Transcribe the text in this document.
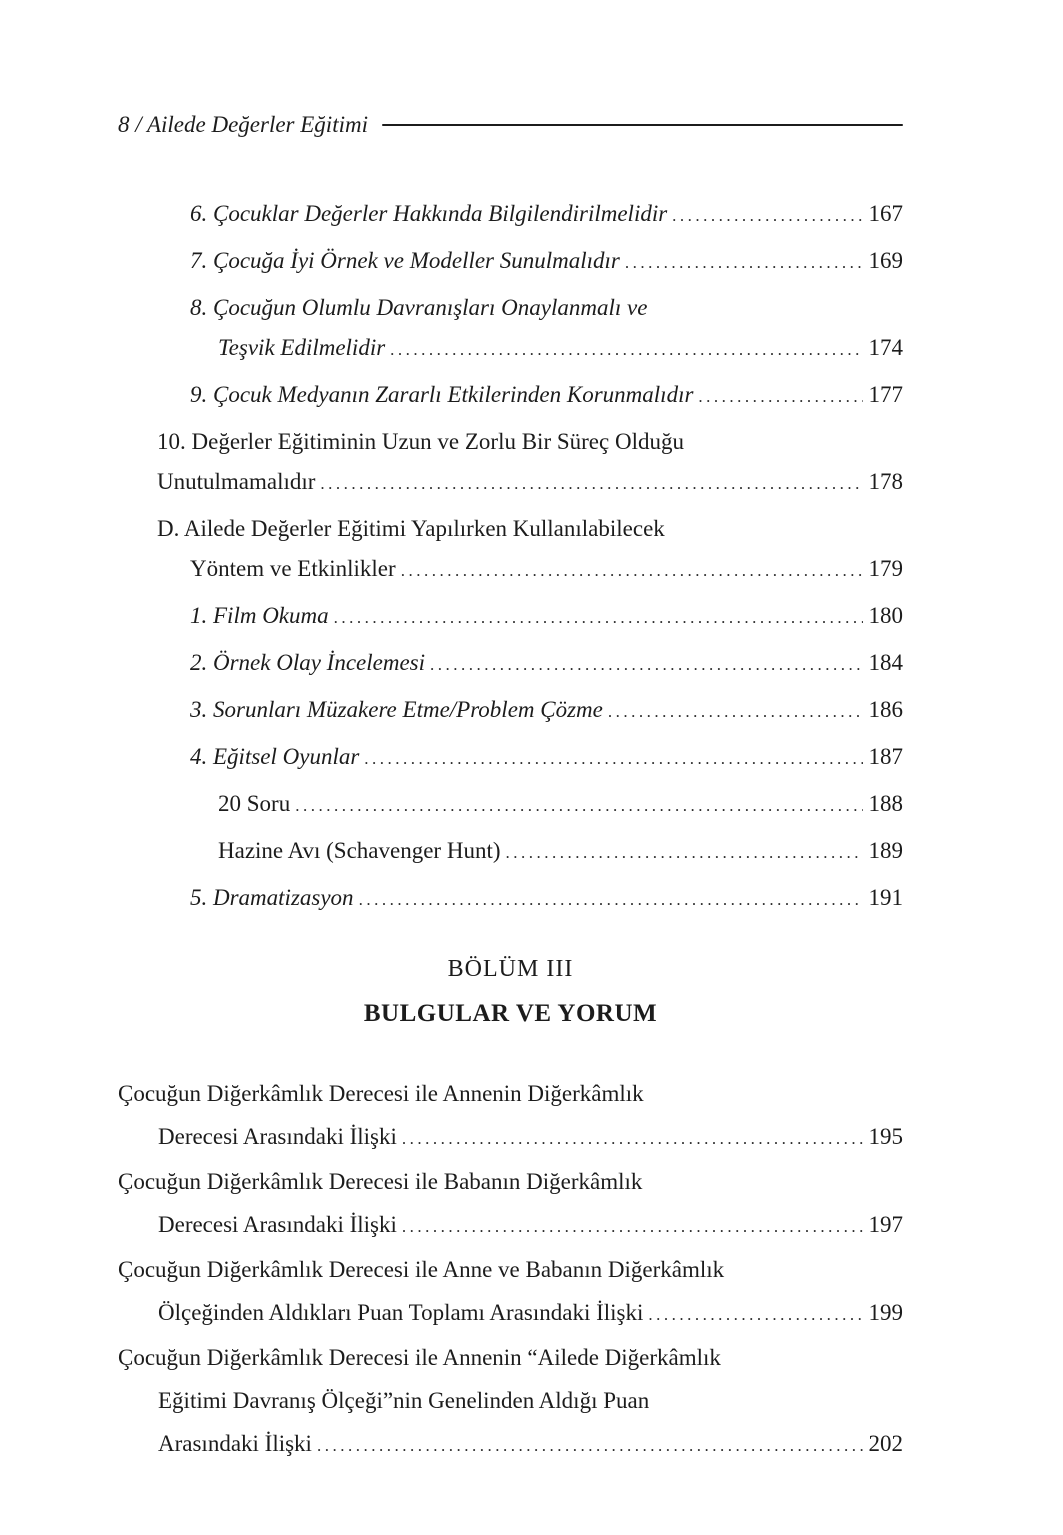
8 / Ailede Değerler Eğitimi
6. Çocuklar Değerler Hakkında Bilgilendirilmelidir .....	167
7. Çocuğa İyi Örnek ve Modeller Sunulmalıdır .....	169
8. Çocuğun Olumlu Davranışları Onaylanmalı ve
Teşvik Edilmelidir .....	174
9. Çocuk Medyanın Zararlı Etkilerinden Korunmalıdır .....	177
10. Değerler Eğitiminin Uzun ve Zorlu Bir Süreç Olduğu
Unutulmamalıdır .....	178
D. Ailede Değerler Eğitimi Yapılırken Kullanılabilecek
Yöntem ve Etkinlikler .....	179
1. Film Okuma .....	180
2. Örnek Olay İncelemesi .....	184
3. Sorunları Müzakere Etme/Problem Çözme .....	186
4. Eğitsel Oyunlar .....	187
20 Soru .....	188
Hazine Avı (Schavenger Hunt) .....	189
5. Dramatizasyon .....	191
BÖLÜM III
BULGULAR VE YORUM
Çocuğun Diğerkâmlık Derecesi ile Annenin Diğerkâmlık
Derecesi Arasındaki İlişki .....	195
Çocuğun Diğerkâmlık Derecesi ile Babanın Diğerkâmlık
Derecesi Arasındaki İlişki .....	197
Çocuğun Diğerkâmlık Derecesi ile Anne ve Babanın Diğerkâmlık
Ölçeğinden Aldıkları Puan Toplamı Arasındaki İlişki .....	199
Çocuğun Diğerkâmlık Derecesi ile Annenin “Ailede Diğerkâmlık
Eğitimi Davranış Ölçeği”nin Genelinden Aldığı Puan
Arasındaki İlişki .....	202
